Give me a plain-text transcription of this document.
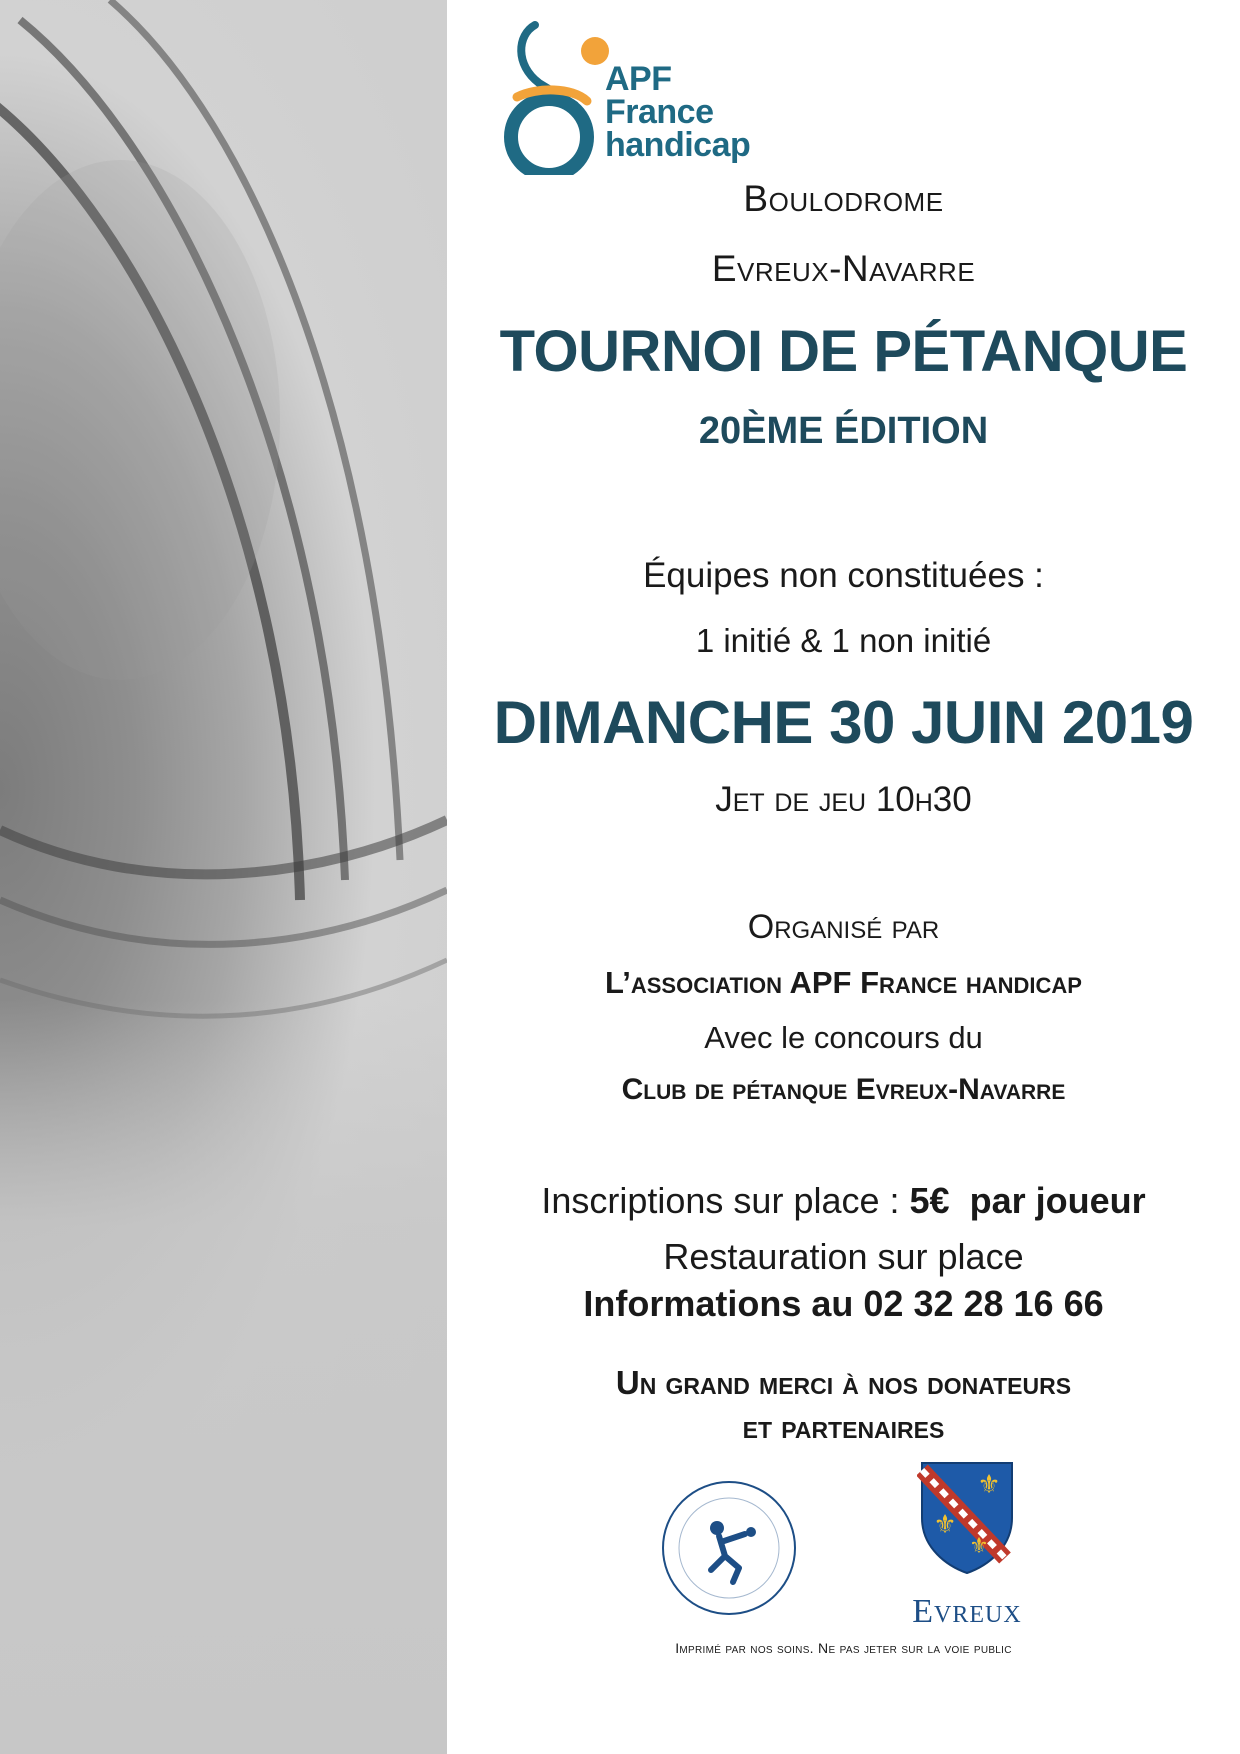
APF
France
handicap
Boulodrome
Evreux-Navarre
TOURNOI DE PÉTANQUE
20ÈME ÉDITION
Équipes non constituées :
1 initié & 1 non initié
DIMANCHE 30 JUIN 2019
Jet de jeu 10h30
Organisé par
L’association APF France handicap
Avec le concours du
Club de pétanque Evreux-Navarre
Inscriptions sur place : 5€ par joueur
Restauration sur place
Informations au 02 32 28 16 66
Un grand merci à nos donateurs
et partenaires
⚜
⚜
⚜
Evreux
Imprimé par nos soins. Ne pas jeter sur la voie public
